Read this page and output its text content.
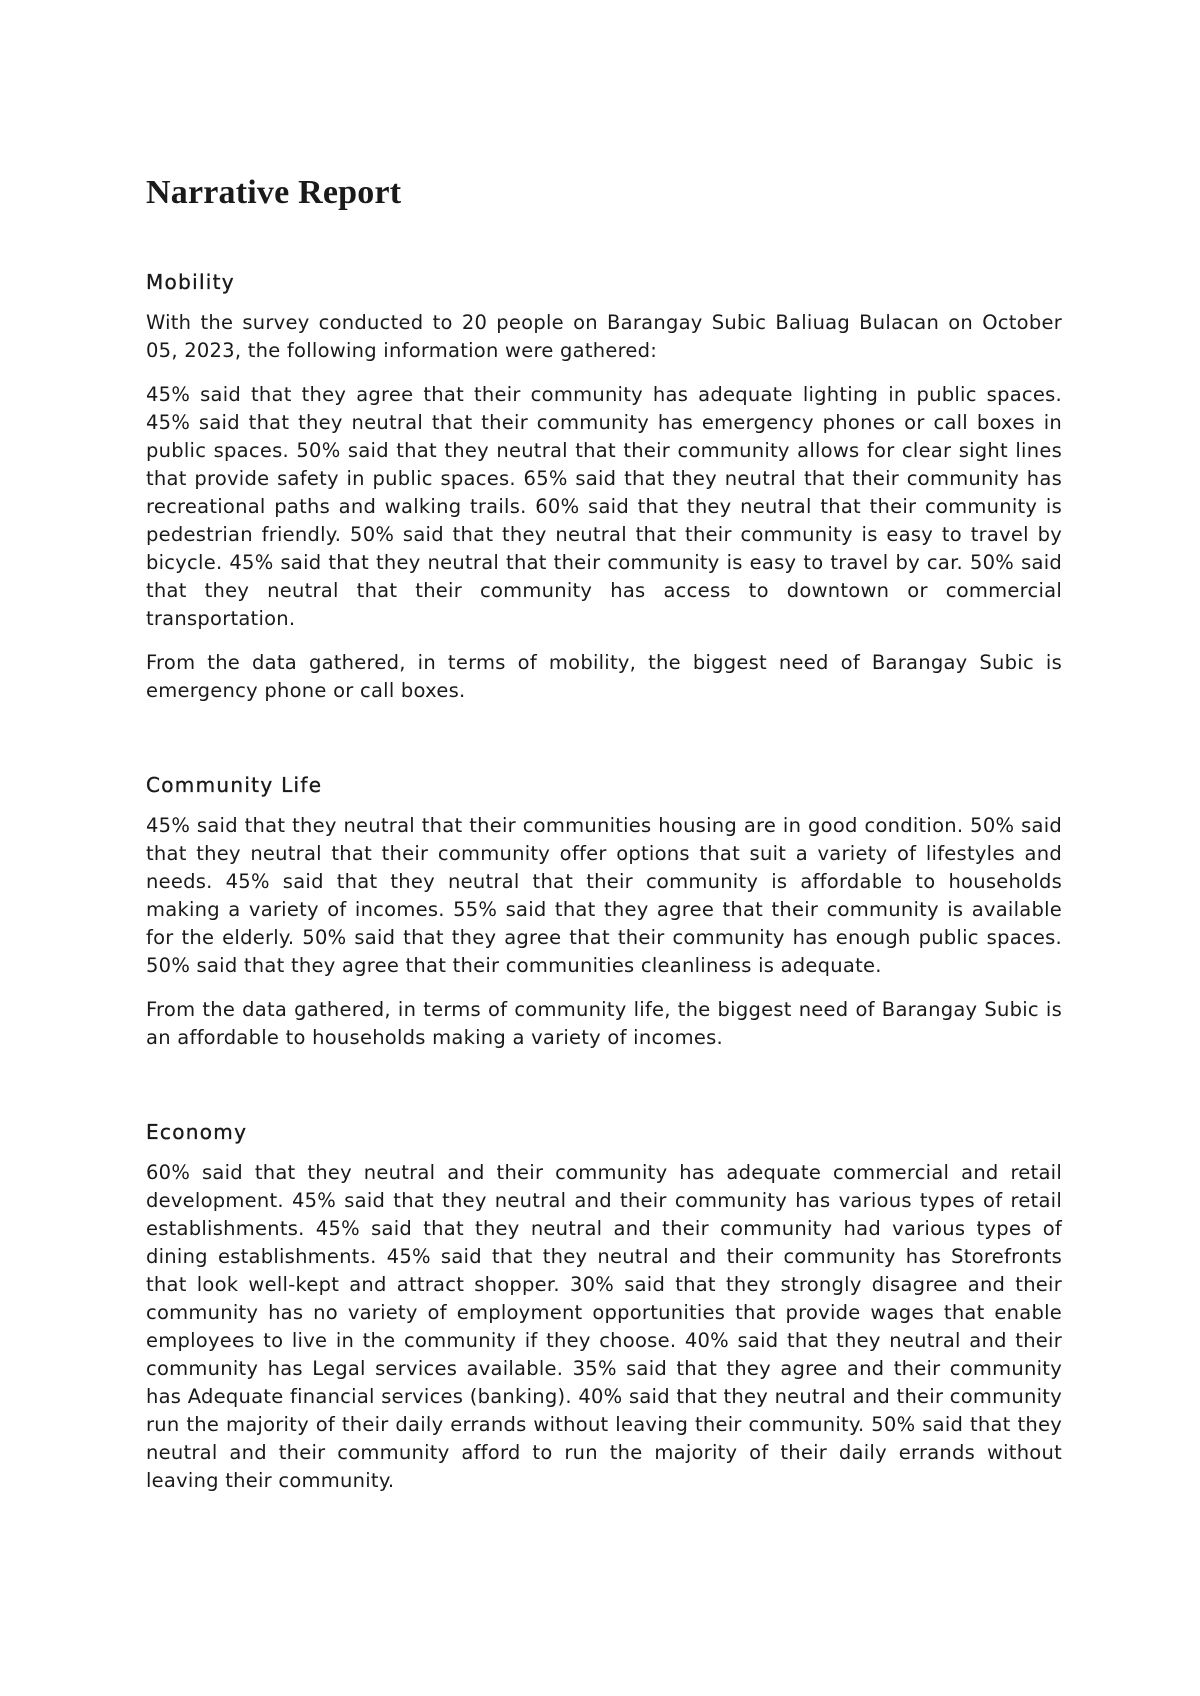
Narrative Report
Mobility

With the survey conducted to 20 people on Barangay Subic Baliuag Bulacan on October 05, 2023, the following information were gathered:

45% said that they agree that their community has adequate lighting in public spaces. 45% said that they neutral that their community has emergency phones or call boxes in public spaces. 50% said that they neutral that their community allows for clear sight lines that provide safety in public spaces. 65% said that they neutral that their community has recreational paths and walking trails. 60% said that they neutral that their community is pedestrian friendly. 50% said that they neutral that their community is easy to travel by bicycle. 45% said that they neutral that their community is easy to travel by car. 50% said that they neutral that their community has access to downtown or commercial transportation.

From the data gathered, in terms of mobility, the biggest need of Barangay Subic is emergency phone or call boxes.

Community Life

45% said that they neutral that their communities housing are in good condition. 50% said that they neutral that their community offer options that suit a variety of lifestyles and needs. 45% said that they neutral that their community is affordable to households making a variety of incomes. 55% said that they agree that their community is available for the elderly. 50% said that they agree that their community has enough public spaces.   50% said that they agree that their communities cleanliness is adequate.

From the data gathered, in terms of community life, the biggest need of Barangay Subic is an affordable to households making a variety of incomes.

Economy

60% said that they neutral and their community has adequate commercial and retail development. 45% said that they neutral and their community has various types of retail establishments. 45% said that they neutral and their community had various types of dining establishments. 45% said that they neutral and their community has Storefronts that look well-kept and attract shopper. 30% said that they strongly disagree and their community has no variety of employment opportunities that provide wages that enable employees to live in the community if they choose. 40% said that they neutral and their community has Legal services available. 35% said that they agree and their community has Adequate financial services (banking). 40% said that they neutral and their community run the majority of their daily errands without leaving their community. 50% said that they neutral and their community afford to run the majority of their daily errands without leaving their community.
